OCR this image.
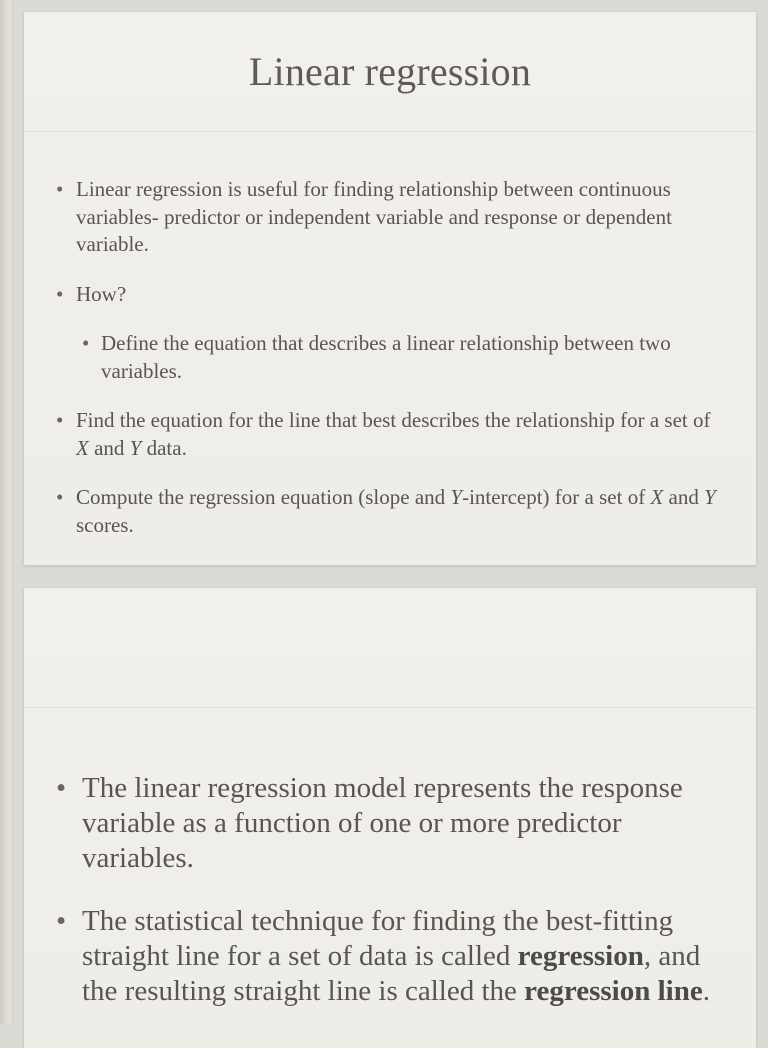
Linear regression
• Linear regression is useful for finding relationship between continuous variables- predictor or independent variable and response or dependent variable.
• How?
• Define the equation that describes a linear relationship between two variables.
• Find the equation for the line that best describes the relationship for a set of X and Y data.
• Compute the regression equation (slope and Y-intercept) for a set of X and Y scores.
• The linear regression model represents the response variable as a function of one or more predictor variables.
• The statistical technique for finding the best-fitting straight line for a set of data is called regression, and the resulting straight line is called the regression line.
